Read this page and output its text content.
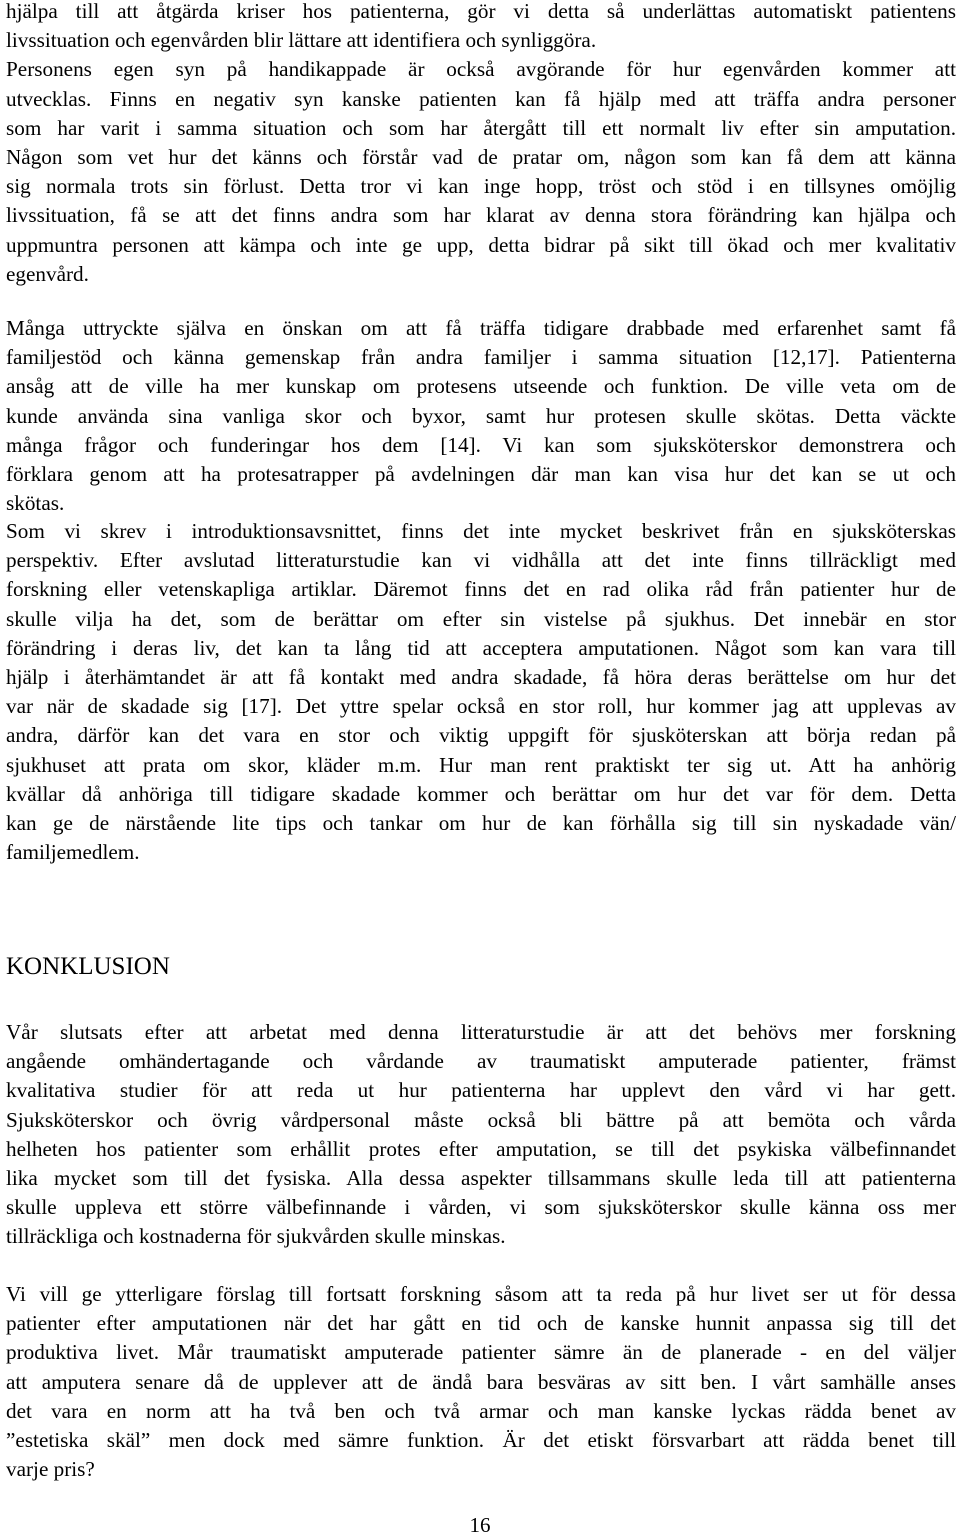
hjälpa till att åtgärda kriser hos patienterna, gör vi detta så underlättas automatiskt patientens
livssituation och egenvården blir lättare att identifiera och synliggöra.
Personens egen syn på handikappade är också avgörande för hur egenvården kommer att
utvecklas. Finns en negativ syn kanske patienten kan få hjälp med att träffa andra personer
som har varit i samma situation och som har återgått till ett normalt liv efter sin amputation.
Någon som vet hur det känns och förstår vad de pratar om, någon som kan få dem att känna
sig normala trots sin förlust. Detta tror vi kan inge hopp, tröst och stöd i en tillsynes omöjlig
livssituation, få se att det finns andra som har klarat av denna stora förändring kan hjälpa och
uppmuntra personen att kämpa och inte ge upp, detta bidrar på sikt till ökad och mer kvalitativ
egenvård.
Många uttryckte själva en önskan om att få träffa tidigare drabbade med erfarenhet samt få
familjestöd och känna gemenskap från andra familjer i samma situation [12,17]. Patienterna
ansåg att de ville ha mer kunskap om protesens utseende och funktion. De ville veta om de
kunde använda sina vanliga skor och byxor, samt hur protesen skulle skötas. Detta väckte
många frågor och funderingar hos dem [14]. Vi kan som sjuksköterskor demonstrera och
förklara genom att ha protesatrapper på avdelningen där man kan visa hur det kan se ut och
skötas.
Som vi skrev i introduktionsavsnittet, finns det inte mycket beskrivet från en sjuksköterskas
perspektiv. Efter avslutad litteraturstudie kan vi vidhålla att det inte finns tillräckligt med
forskning eller vetenskapliga artiklar. Däremot finns det en rad olika råd från patienter hur de
skulle vilja ha det, som de berättar om efter sin vistelse på sjukhus. Det innebär en stor
förändring i deras liv, det kan ta lång tid att acceptera amputationen. Något som kan vara till
hjälp i återhämtandet är att få kontakt med andra skadade, få höra deras berättelse om hur det
var när de skadade sig [17]. Det yttre spelar också en stor roll, hur kommer jag att upplevas av
andra, därför kan det vara en stor och viktig uppgift för sjusköterskan att börja redan på
sjukhuset att prata om skor, kläder m.m. Hur man rent praktiskt ter sig ut. Att ha anhörig
kvällar då anhöriga till tidigare skadade kommer och berättar om hur det var för dem. Detta
kan ge de närstående lite tips och tankar om hur de kan förhålla sig till sin nyskadade vän/
familjemedlem.
KONKLUSION
Vår slutsats efter att arbetat med denna litteraturstudie är att det behövs mer forskning
angående omhändertagande och vårdande av traumatiskt amputerade patienter, främst
kvalitativa studier för att reda ut hur patienterna har upplevt den vård vi har gett.
Sjuksköterskor och övrig vårdpersonal måste också bli bättre på att bemöta och vårda
helheten hos patienter som erhållit protes efter amputation, se till det psykiska välbefinnandet
lika mycket som till det fysiska. Alla dessa aspekter tillsammans skulle leda till att patienterna
skulle uppleva ett större välbefinnande i vården, vi som sjuksköterskor skulle känna oss mer
tillräckliga och kostnaderna för sjukvården skulle minskas.
Vi vill ge ytterligare förslag till fortsatt forskning såsom att ta reda på hur livet ser ut för dessa
patienter efter amputationen när det har gått en tid och de kanske hunnit anpassa sig till det
produktiva livet. Mår traumatiskt amputerade patienter sämre än de planerade - en del väljer
att amputera senare då de upplever att de ändå bara besväras av sitt ben. I vårt samhälle anses
det vara en norm att ha två ben och två armar och man kanske lyckas rädda benet av
”estetiska skäl” men dock med sämre funktion. Är det etiskt försvarbart att rädda benet till
varje pris?
16
